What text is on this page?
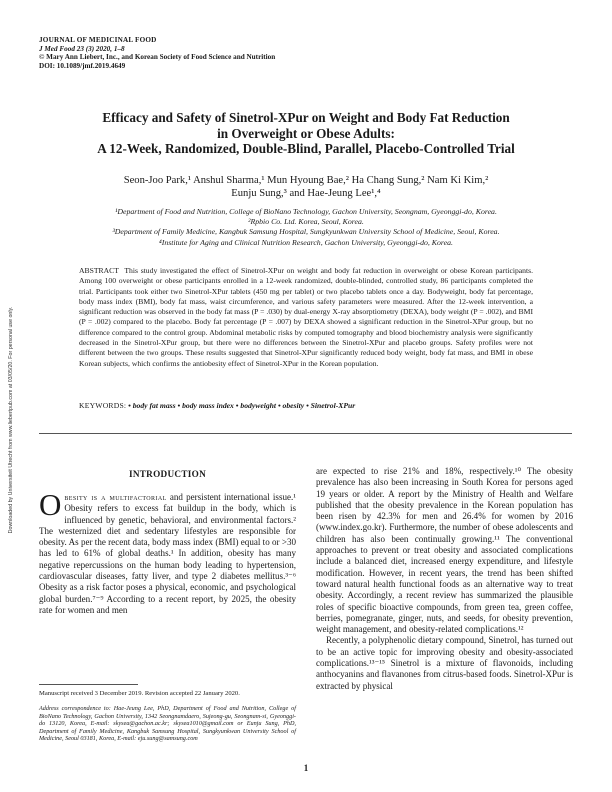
JOURNAL OF MEDICINAL FOOD
J Med Food 23 (3) 2020, 1–8
© Mary Ann Liebert, Inc., and Korean Society of Food Science and Nutrition
DOI: 10.1089/jmf.2019.4649
Downloaded by Universiteit Utrecht from www.liebertpub.com at 03/05/20. For personal use only.
Efficacy and Safety of Sinetrol-XPur on Weight and Body Fat Reduction
in Overweight or Obese Adults:
A 12-Week, Randomized, Double-Blind, Parallel, Placebo-Controlled Trial
Seon-Joo Park,¹ Anshul Sharma,¹ Mun Hyoung Bae,² Ha Chang Sung,² Nam Ki Kim,²
Eunju Sung,³ and Hae-Jeung Lee¹,⁴
¹Department of Food and Nutrition, College of BioNano Technology, Gachon University, Seongnam, Gyeonggi-do, Korea.
²Rpbio Co. Ltd. Korea, Seoul, Korea.
³Department of Family Medicine, Kangbuk Samsung Hospital, Sungkyunkwan University School of Medicine, Seoul, Korea.
⁴Institute for Aging and Clinical Nutrition Research, Gachon University, Gyeonggi-do, Korea.
ABSTRACT This study investigated the effect of Sinetrol-XPur on weight and body fat reduction in overweight or obese Korean participants. Among 100 overweight or obese participants enrolled in a 12-week randomized, double-blinded, controlled study, 86 participants completed the trial. Participants took either two Sinetrol-XPur tablets (450 mg per tablet) or two placebo tablets once a day. Bodyweight, body fat percentage, body mass index (BMI), body fat mass, waist circumference, and various safety parameters were measured. After the 12-week intervention, a significant reduction was observed in the body fat mass (P = .030) by dual-energy X-ray absorptiometry (DEXA), body weight (P = .002), and BMI (P = .002) compared to the placebo. Body fat percentage (P = .007) by DEXA showed a significant reduction in the Sinetrol-XPur group, but no difference compared to the control group. Abdominal metabolic risks by computed tomography and blood biochemistry analysis were significantly decreased in the Sinetrol-XPur group, but there were no differences between the Sinetrol-XPur and placebo groups. Safety profiles were not different between the two groups. These results suggested that Sinetrol-XPur significantly reduced body weight, body fat mass, and BMI in obese Korean subjects, which confirms the antiobesity effect of Sinetrol-XPur in the Korean population.
KEYWORDS: • body fat mass • body mass index • bodyweight • obesity • Sinetrol-XPur
INTRODUCTION

Obesity is a multifactorial and persistent international issue.¹ Obesity refers to excess fat buildup in the body, which is influenced by genetic, behavioral, and environmental factors.² The westernized diet and sedentary lifestyles are responsible for obesity. As per the recent data, body mass index (BMI) equal to or >30 has led to 61% of global deaths.¹ In addition, obesity has many negative repercussions on the human body leading to hypertension, cardiovascular diseases, fatty liver, and type 2 diabetes mellitus.³⁻⁶ Obesity as a risk factor poses a physical, economic, and psychological global burden.⁷⁻⁹ According to a recent report, by 2025, the obesity rate for women and men

are expected to rise 21% and 18%, respectively.¹⁰ The obesity prevalence has also been increasing in South Korea for persons aged 19 years or older. A report by the Ministry of Health and Welfare published that the obesity prevalence in the Korean population has been risen by 42.3% for men and 26.4% for women by 2016 (www.index.go.kr). Furthermore, the number of obese adolescents and children has also been continually growing.¹¹ The conventional approaches to prevent or treat obesity and associated complications include a balanced diet, increased energy expenditure, and lifestyle modification. However, in recent years, the trend has been shifted toward natural health functional foods as an alternative way to treat obesity. Accordingly, a recent review has summarized the plausible roles of specific bioactive compounds, from green tea, green coffee, berries, pomegranate, ginger, nuts, and seeds, for obesity prevention, weight management, and obesity-related complications.¹²

Recently, a polyphenolic dietary compound, Sinetrol, has turned out to be an active topic for improving obesity and obesity-associated complications.¹³⁻¹⁵ Sinetrol is a mixture of flavonoids, including anthocyanins and flavanones from citrus-based foods. Sinetrol-XPur is extracted by physical

Manuscript received 3 December 2019. Revision accepted 22 January 2020.
Address correspondence to: Hae-Jeung Lee, PhD, Department of Food and Nutrition, College of BioNano Technology, Gachon University, 1342 Seongnamdaero, Sujeong-gu, Seongnam-si, Gyeonggi-do 13120, Korea, E-mail: skysea@gachon.ac.kr; skysea1010@gmail.com or Eunju Sung, PhD, Department of Family Medicine, Kangbuk Samsung Hospital, Sungkyunkwan University School of Medicine, Seoul 03181, Korea, E-mail: eju.sung@samsung.com
1
